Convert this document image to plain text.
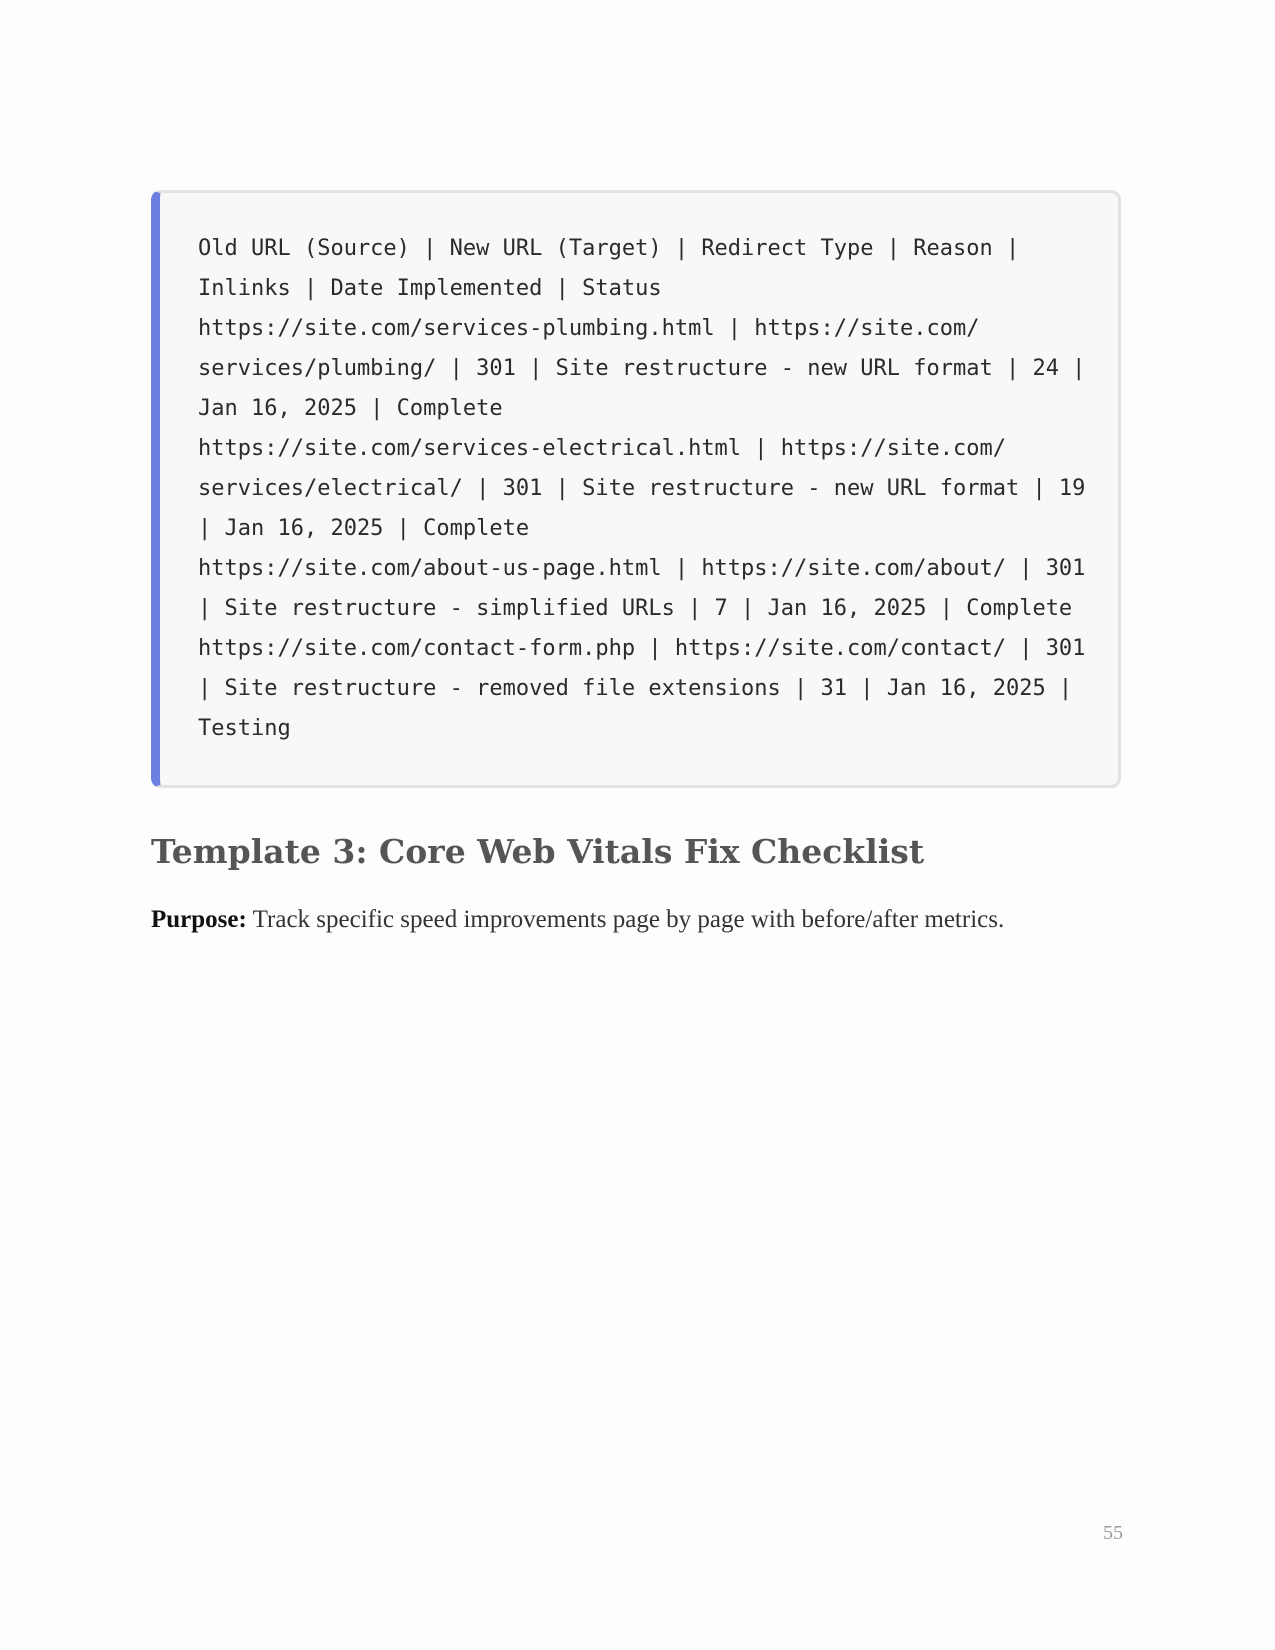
Old URL (Source) | New URL (Target) | Redirect Type | Reason |

Inlinks | Date Implemented | Status

https://site.com/services-plumbing.html | https://site.com/

services/plumbing/ | 301 | Site restructure - new URL format | 24 |

Jan 16, 2025 | Complete

https://site.com/services-electrical.html | https://site.com/

services/electrical/ | 301 | Site restructure - new URL format | 19

| Jan 16, 2025 | Complete

https://site.com/about-us-page.html | https://site.com/about/ | 301

| Site restructure - simplified URLs | 7 | Jan 16, 2025 | Complete

https://site.com/contact-form.php | https://site.com/contact/ | 301

| Site restructure - removed file extensions | 31 | Jan 16, 2025 |

Testing

Template 3: Core Web Vitals Fix Checklist

Purpose: Track specific speed improvements page by page with before/after metrics.

55
